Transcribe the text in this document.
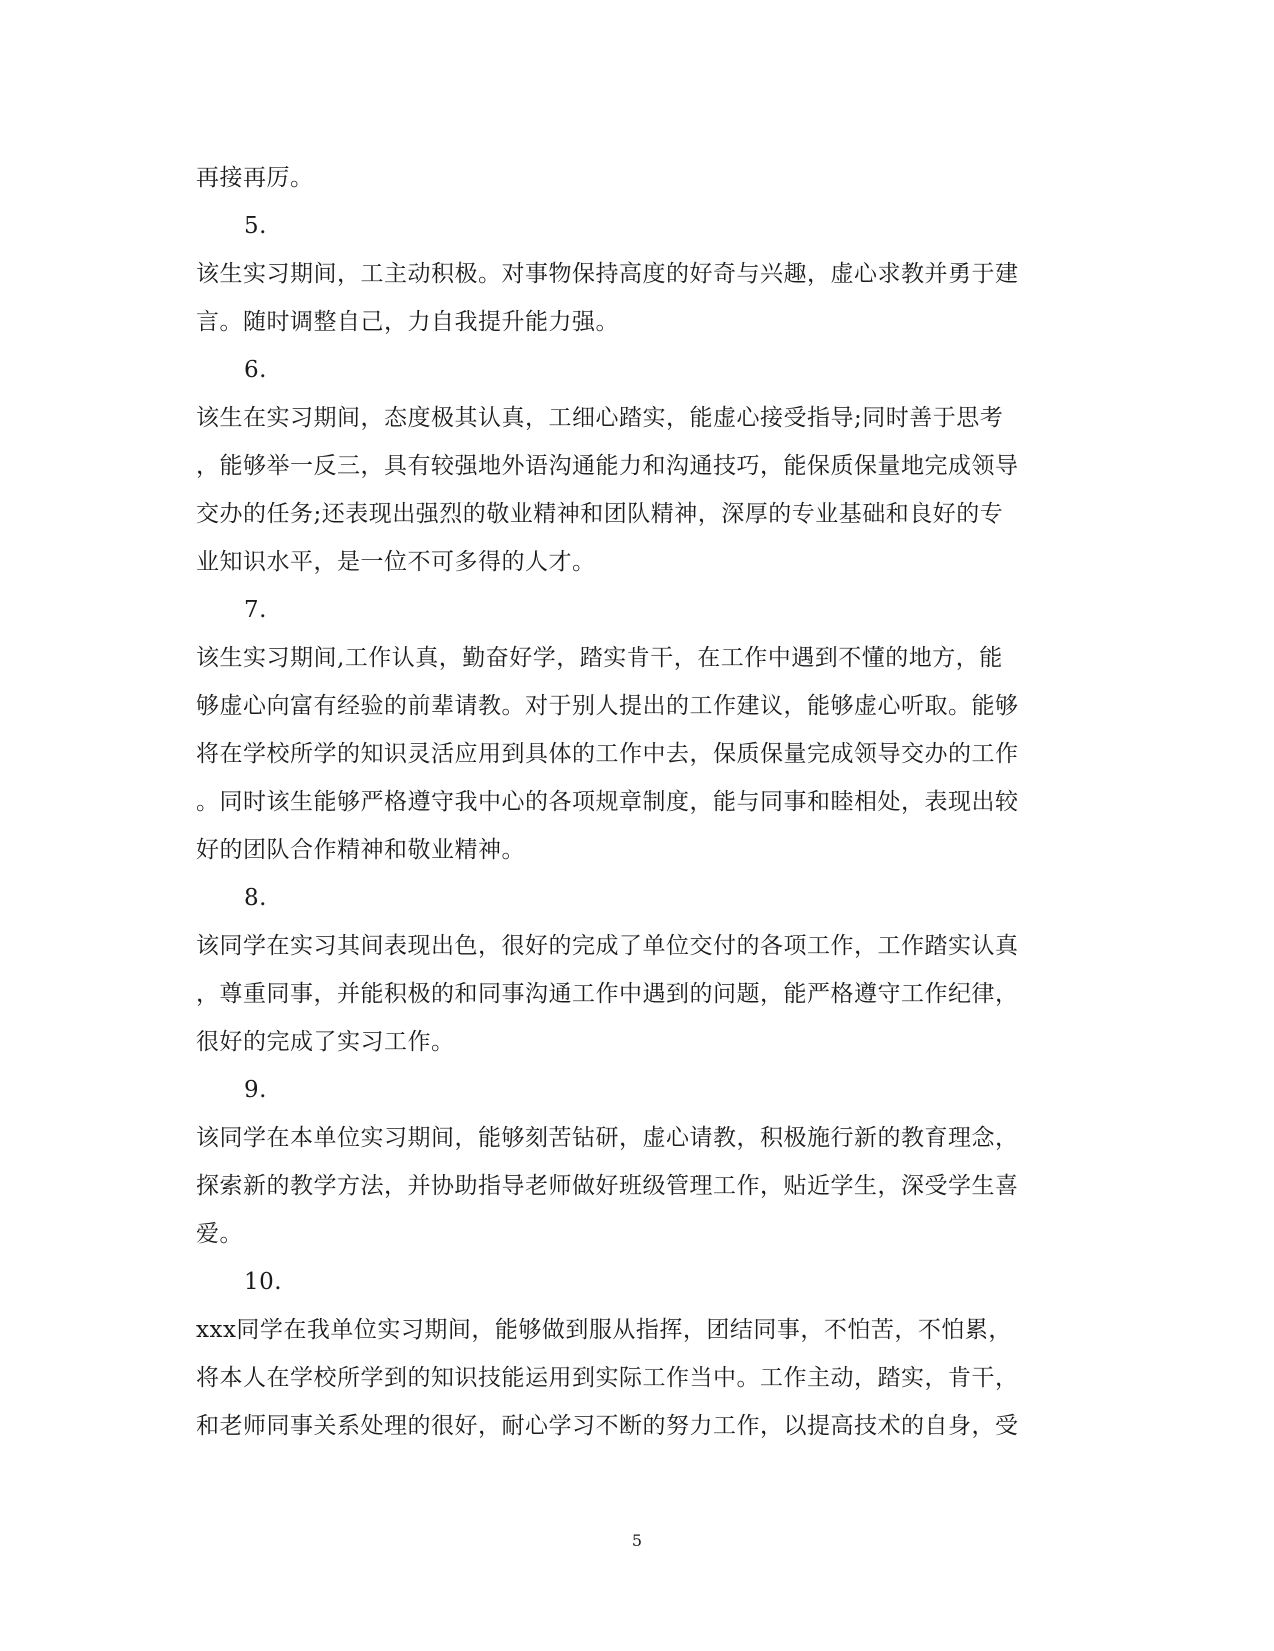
再接再厉。
5.
该生实习期间，工主动积极。对事物保持高度的好奇与兴趣，虚心求教并勇于建
言。随时调整自己，力自我提升能力强。
6.
该生在实习期间，态度极其认真，工细心踏实，能虚心接受指导;同时善于思考
，能够举一反三，具有较强地外语沟通能力和沟通技巧，能保质保量地完成领导
交办的任务;还表现出强烈的敬业精神和团队精神，深厚的专业基础和良好的专
业知识水平，是一位不可多得的人才。
7.
该生实习期间,工作认真，勤奋好学，踏实肯干，在工作中遇到不懂的地方，能
够虚心向富有经验的前辈请教。对于别人提出的工作建议，能够虚心听取。能够
将在学校所学的知识灵活应用到具体的工作中去，保质保量完成领导交办的工作
。同时该生能够严格遵守我中心的各项规章制度，能与同事和睦相处，表现出较
好的团队合作精神和敬业精神。
8.
该同学在实习其间表现出色，很好的完成了单位交付的各项工作，工作踏实认真
，尊重同事，并能积极的和同事沟通工作中遇到的问题，能严格遵守工作纪律，
很好的完成了实习工作。
9.
该同学在本单位实习期间，能够刻苦钻研，虚心请教，积极施行新的教育理念，
探索新的教学方法，并协助指导老师做好班级管理工作，贴近学生，深受学生喜
爱。
10.
xxx同学在我单位实习期间，能够做到服从指挥，团结同事，不怕苦，不怕累，
将本人在学校所学到的知识技能运用到实际工作当中。工作主动，踏实，肯干，
和老师同事关系处理的很好，耐心学习不断的努力工作，以提高技术的自身，受
5
